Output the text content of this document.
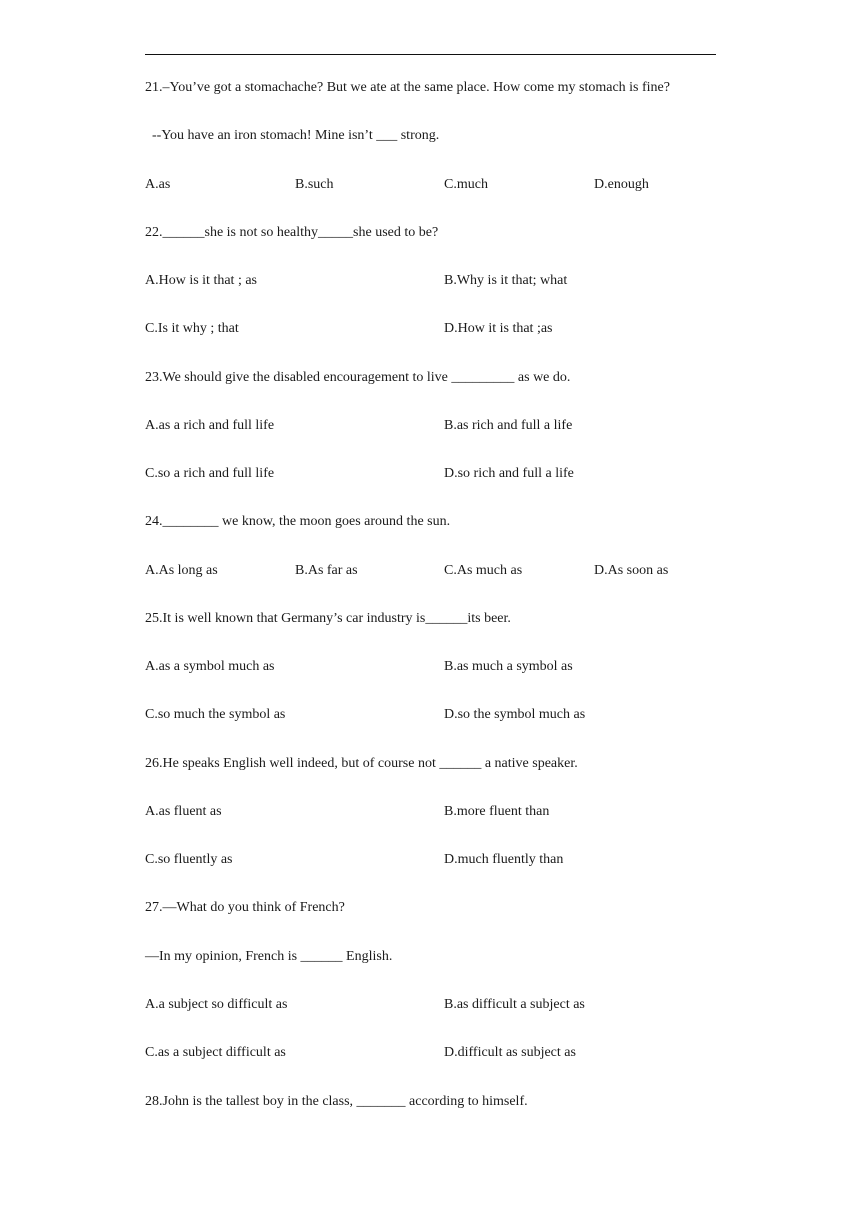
21.–You’ve got a stomachache? But we ate at the same place. How come my stomach is fine?
--You have an iron stomach! Mine isn’t ___ strong.
A.as	B.such	C.much	D.enough
22.______she is not so healthy_____she used to be?
A.How is it that ; as	B.Why is it that; what
C.Is it why ; that	D.How it is that ;as
23.We should give the disabled encouragement to live _________ as we do.
A.as a rich and full life	B.as rich and full a life
C.so a rich and full life	D.so rich and full a life
24.________ we know, the moon goes around the sun.
A.As long as	B.As far as	C.As much as	D.As soon as
25.It is well known that Germany’s car industry is______its beer.
A.as a symbol much as	B.as much a symbol as
C.so much the symbol as	D.so the symbol much as
26.He speaks English well indeed, but of course not ______ a native speaker.
A.as fluent as	B.more fluent than
C.so fluently as	D.much fluently than
27.—What do you think of French?
—In my opinion, French is ______ English.
A.a subject so difficult as	B.as difficult a subject as
C.as a subject difficult as	D.difficult as subject as
28.John is the tallest boy in the class, _______ according to himself.
